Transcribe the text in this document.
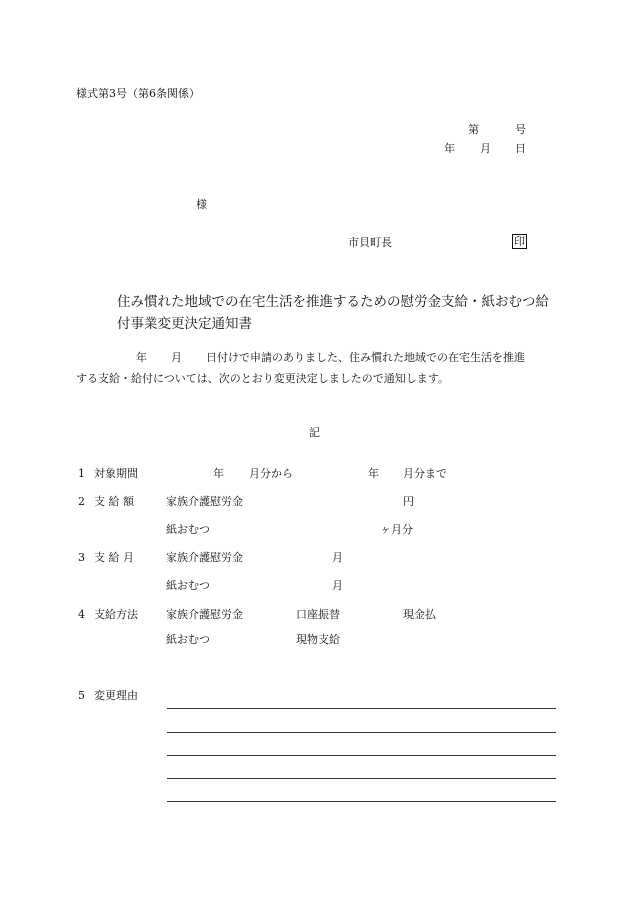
様式第3号（第6条関係）
第	号
年 月 日
様
市貝町長	印
住み慣れた地域での在宅生活を推進するための慰労金支給・紙おむつ給
付事業変更決定通知書
年 月 日付けで申請のありました、住み慣れた地域での在宅生活を推進
する支給・給付については、次のとおり変更決定しましたので通知します。
記
1 対象期間	年 月分から	年 月分まで
2 支 給 額	家族介護慰労金	円
紙おむつ	ヶ月分
3 支 給 月	家族介護慰労金	月
紙おむつ	月
4 支給方法	家族介護慰労金	口座振替	現金払
紙おむつ	現物支給
5 変更理由
